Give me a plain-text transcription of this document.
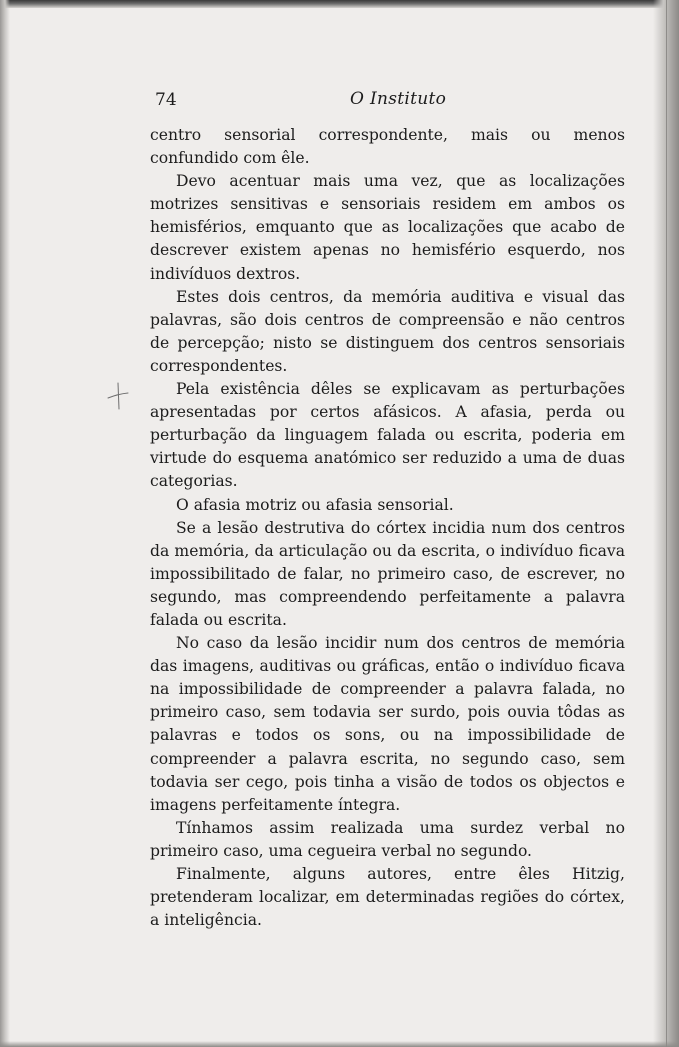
74	O Instituto

centro sensorial correspondente, mais ou menos confundido com êle.

Devo acentuar mais uma vez, que as localizações motrizes sensitivas e sensoriais residem em ambos os hemisférios, emquanto que as localizações que acabo de descrever existem apenas no hemisfério esquerdo, nos indivíduos dextros.

Estes dois centros, da memória auditiva e visual das palavras, são dois centros de compreensão e não centros de percepção; nisto se distinguem dos centros sensoriais correspondentes.

Pela existência dêles se explicavam as perturbações apresentadas por certos afásicos. A afasia, perda ou perturbação da linguagem falada ou escrita, poderia em virtude do esquema anatómico ser reduzido a uma de duas categorias.

O afasia motriz ou afasia sensorial.

Se a lesão destrutiva do córtex incidia num dos centros da memória, da articulação ou da escrita, o indivíduo ficava impossibilitado de falar, no primeiro caso, de escrever, no segundo, mas compreendendo perfeitamente a palavra falada ou escrita.

No caso da lesão incidir num dos centros de memória das imagens, auditivas ou gráficas, então o indivíduo ficava na impossibilidade de compreender a palavra falada, no primeiro caso, sem todavia ser surdo, pois ouvia tôdas as palavras e todos os sons, ou na impossibilidade de compreender a palavra escrita, no segundo caso, sem todavia ser cego, pois tinha a visão de todos os objectos e imagens perfeitamente íntegra.

Tínhamos assim realizada uma surdez verbal no primeiro caso, uma cegueira verbal no segundo.

Finalmente, alguns autores, entre êles Hitzig, pretenderam localizar, em determinadas regiões do córtex, a inteligência.
